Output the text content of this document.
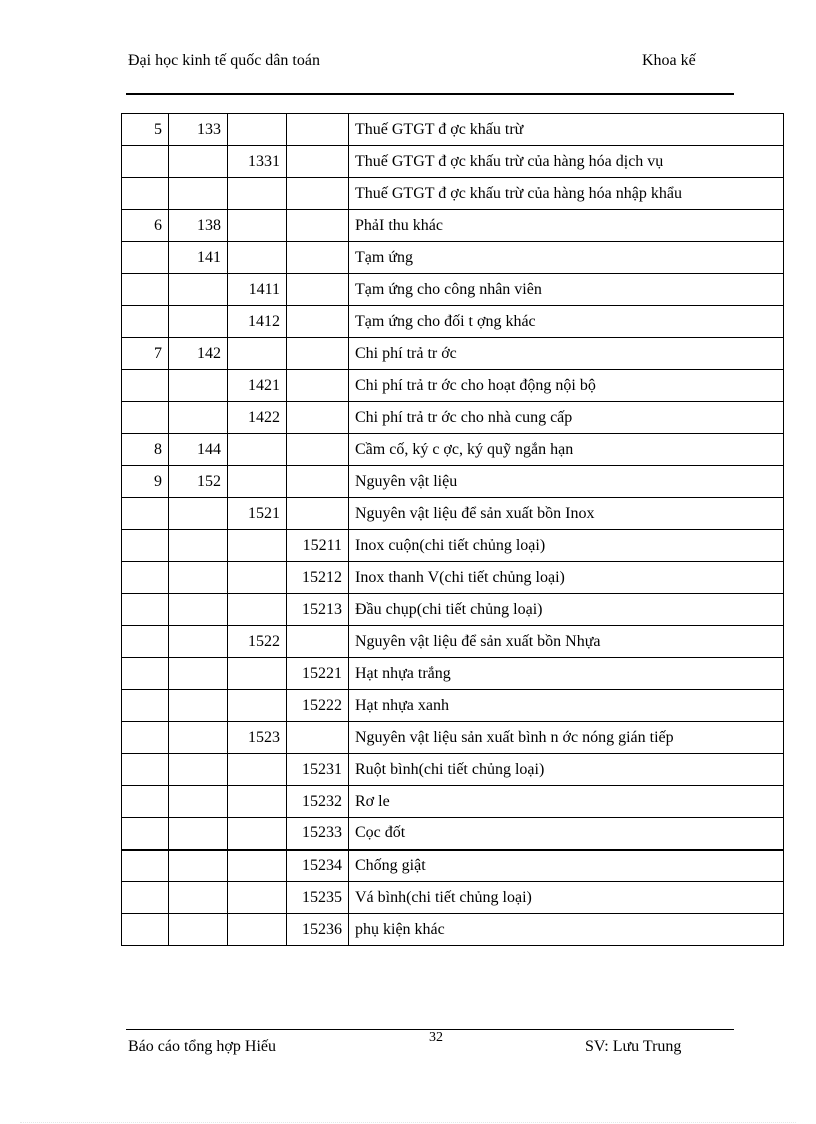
Đại học kinh tế quốc dân toán	Khoa kế
5	133			Thuế GTGT đ ợc khấu trừ
		1331		Thuế GTGT đ ợc khấu trừ của hàng hóa dịch vụ
				Thuế GTGT đ ợc khấu trừ của hàng hóa nhập khẩu
6	138			PhảI thu khác
	141			Tạm ứng
		1411		Tạm ứng cho công nhân viên
		1412		Tạm ứng cho đối t ợng khác
7	142			Chi phí trả tr ớc
		1421		Chi phí trả tr ớc cho hoạt động nội bộ
		1422		Chi phí trả tr ớc cho nhà cung cấp
8	144			Cầm cố, ký c ợc, ký quỹ ngắn hạn
9	152			Nguyên vật liệu
		1521		Nguyên vật liệu để sản xuất bồn Inox
			15211	Inox cuộn(chi tiết chủng loại)
			15212	Inox thanh V(chi tiết chủng loại)
			15213	Đầu chụp(chi tiết chủng loại)
		1522		Nguyên vật liệu để sản xuất bồn Nhựa
			15221	Hạt nhựa trắng
			15222	Hạt nhựa xanh
		1523		Nguyên vật liệu sản xuất bình n ớc nóng gián tiếp
			15231	Ruột bình(chi tiết chủng loại)
			15232	Rơ le
			15233	Cọc đốt
			15234	Chống giật
			15235	Vá bình(chi tiết chủng loại)
			15236	phụ kiện khác
Báo cáo tổng hợp Hiếu
32
SV: Lưu Trung
